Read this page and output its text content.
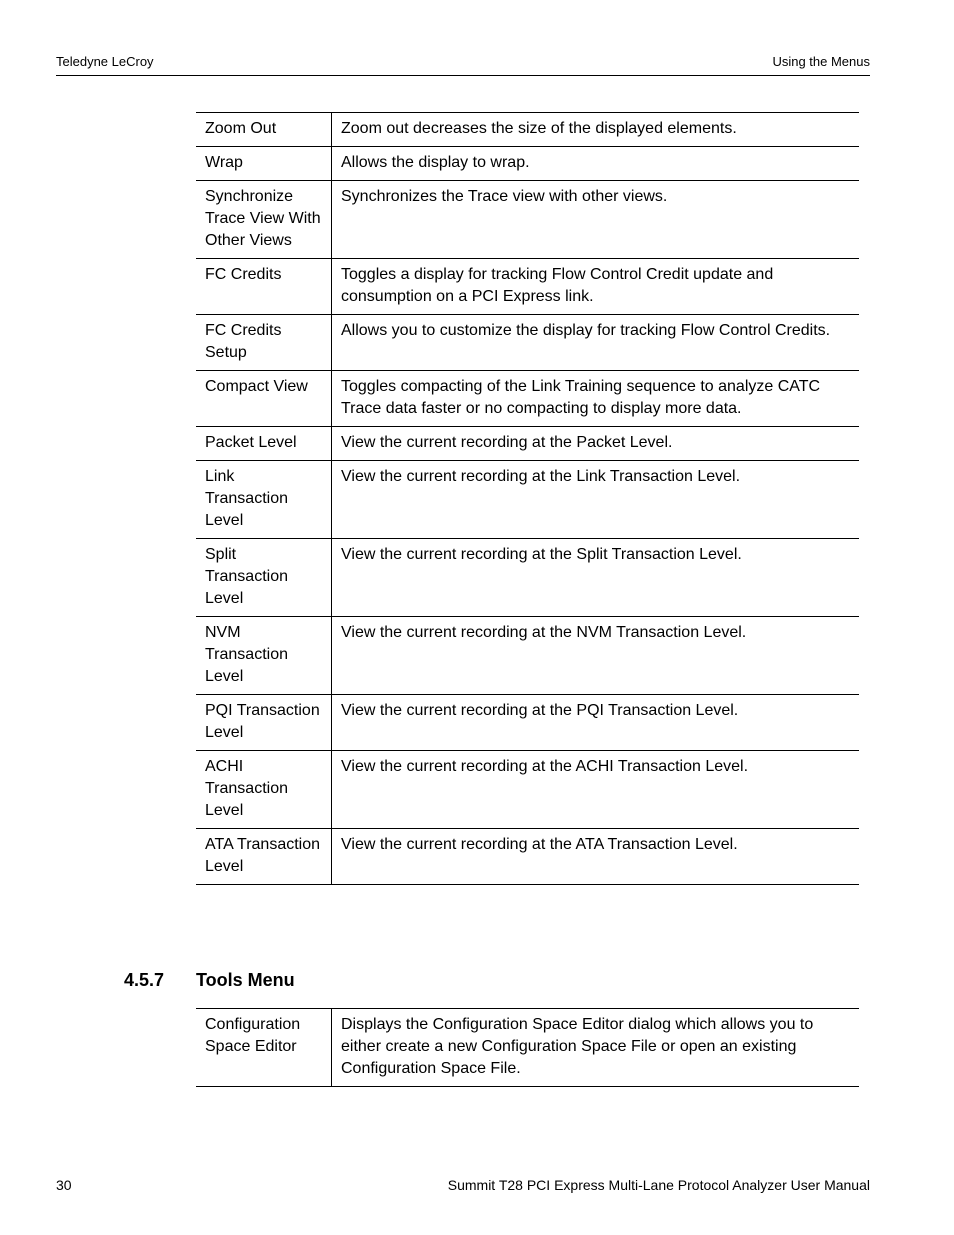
Teledyne LeCroy	Using the Menus
Zoom Out	Zoom out decreases the size of the displayed elements.
Wrap	Allows the display to wrap.
Synchronize Trace View With Other Views	Synchronizes the Trace view with other views.
FC Credits	Toggles a display for tracking Flow Control Credit update and consumption on a PCI Express link.
FC Credits Setup	Allows you to customize the display for tracking Flow Control Credits.
Compact View	Toggles compacting of the Link Training sequence to analyze CATC Trace data faster or no compacting to display more data.
Packet Level	View the current recording at the Packet Level.
Link Transaction Level	View the current recording at the Link Transaction Level.
Split Transaction Level	View the current recording at the Split Transaction Level.
NVM Transaction Level	View the current recording at the NVM Transaction Level.
PQI Transaction Level	View the current recording at the PQI Transaction Level.
ACHI Transaction Level	View the current recording at the ACHI Transaction Level.
ATA Transaction Level	View the current recording at the ATA Transaction Level.
4.5.7 Tools Menu
Configuration Space Editor	Displays the Configuration Space Editor dialog which allows you to either create a new Configuration Space File or open an existing Configuration Space File.
30	Summit T28 PCI Express Multi-Lane Protocol Analyzer User Manual
